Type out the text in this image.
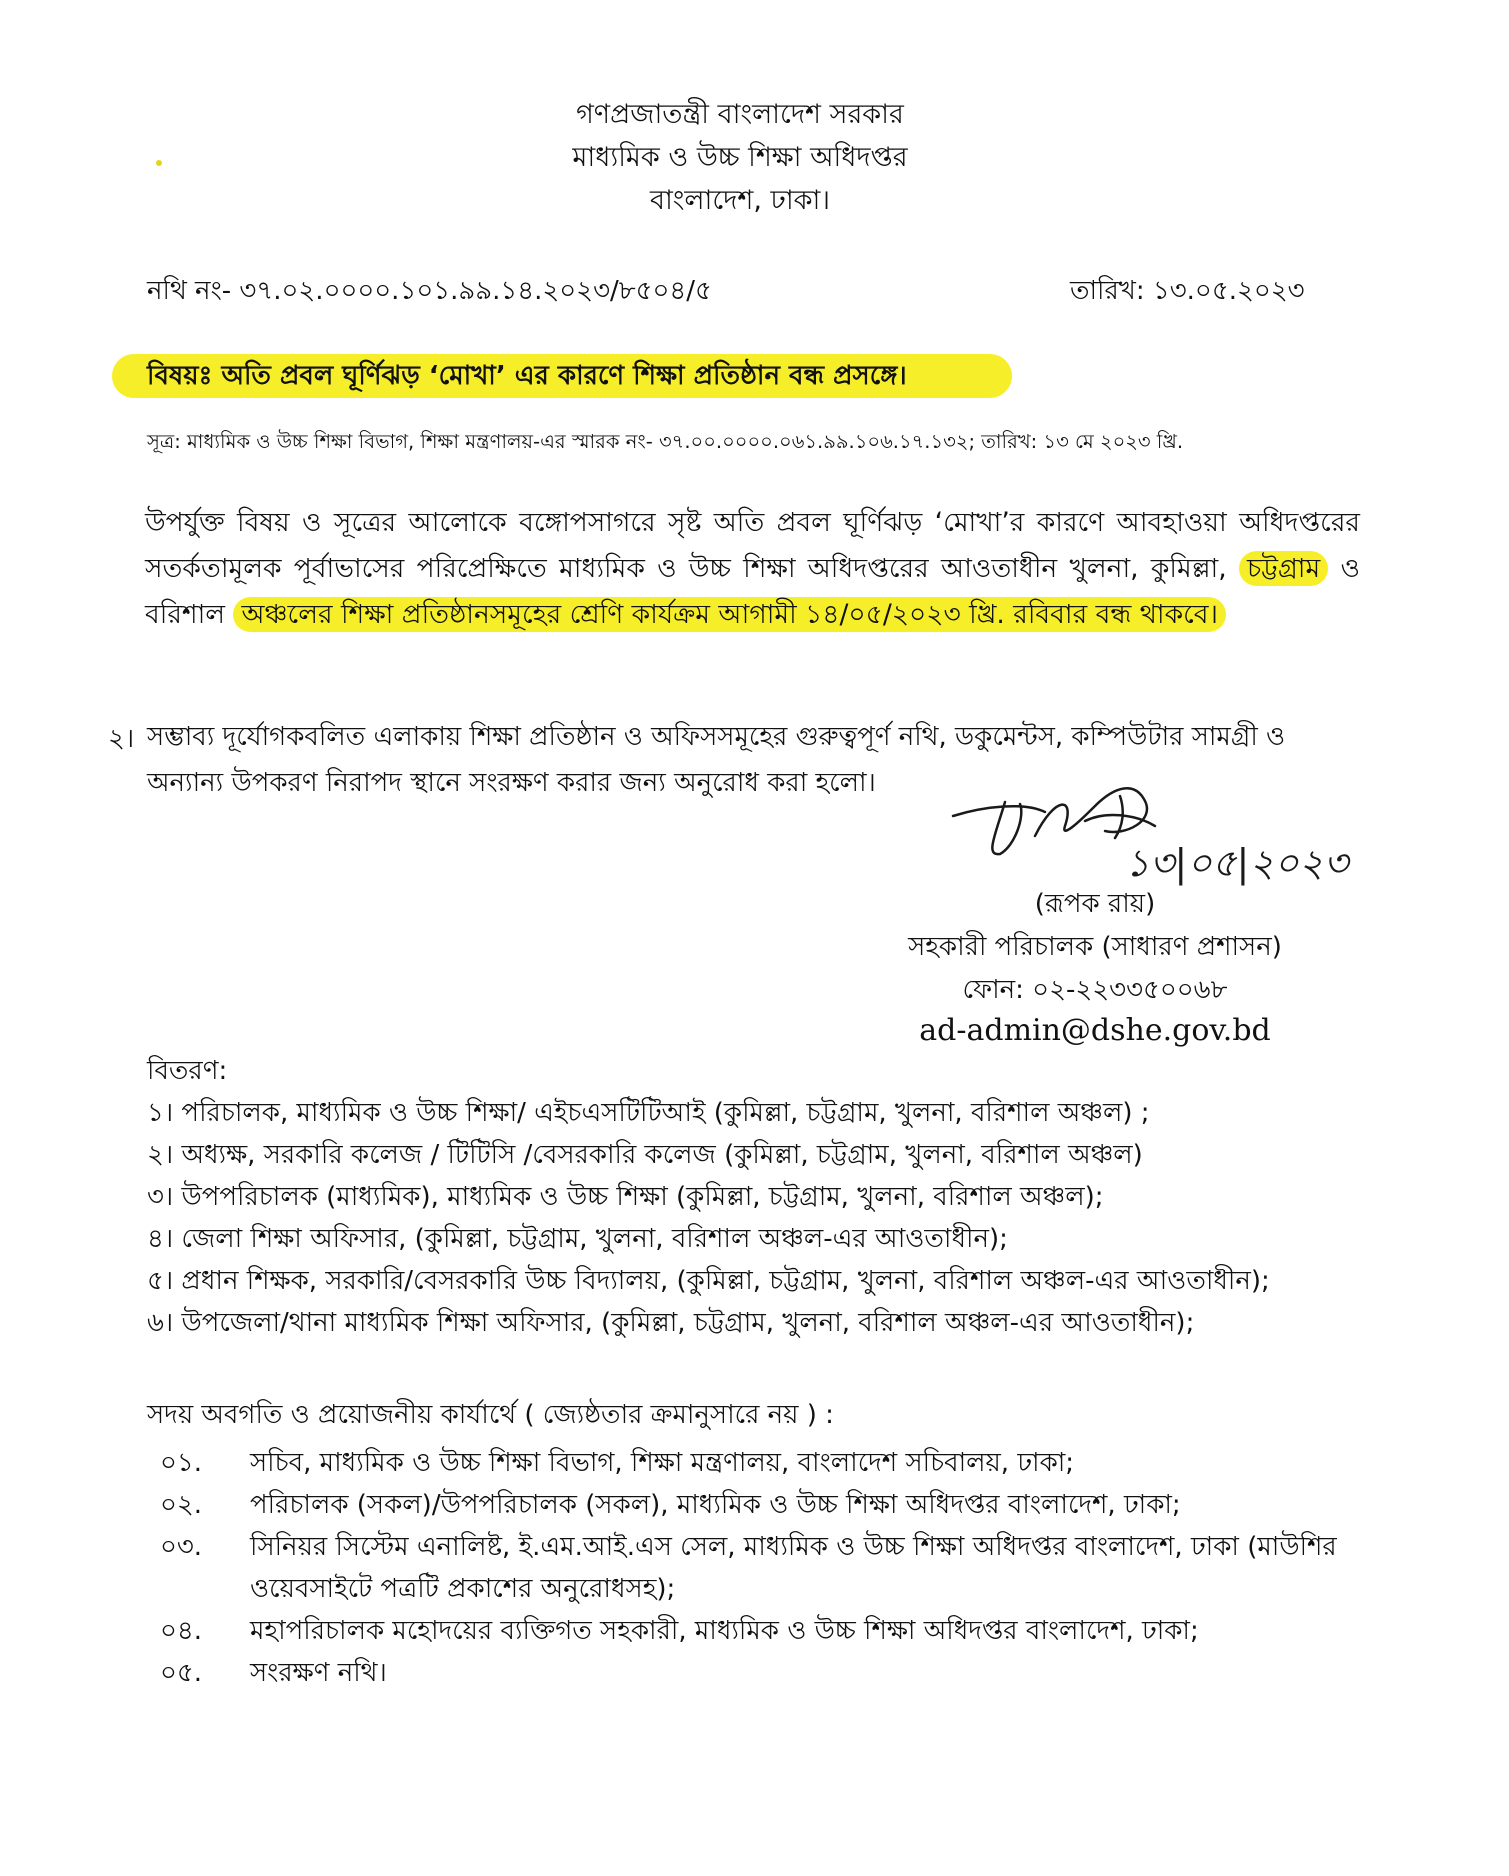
গণপ্রজাতন্ত্রী বাংলাদেশ সরকার
মাধ্যমিক ও উচ্চ শিক্ষা অধিদপ্তর
বাংলাদেশ, ঢাকা।
নথি নং- ৩৭.০২.০০০০.১০১.৯৯.১৪.২০২৩/৮৫০৪/৫	তারিখ: ১৩.০৫.২০২৩
বিষয়ঃ অতি প্রবল ঘূর্ণিঝড় ‘মোখা’ এর কারণে শিক্ষা প্রতিষ্ঠান বন্ধ প্রসঙ্গে।
সূত্র: মাধ্যমিক ও উচ্চ শিক্ষা বিভাগ, শিক্ষা মন্ত্রণালয়-এর স্মারক নং- ৩৭.০০.০০০০.০৬১.৯৯.১০৬.১৭.১৩২; তারিখ: ১৩ মে ২০২৩ খ্রি.
উপর্যুক্ত বিষয় ও সূত্রের আলোকে বঙ্গোপসাগরে সৃষ্ট অতি প্রবল ঘূর্ণিঝড় ‘মোখা’র কারণে আবহাওয়া অধিদপ্তরের সতর্কতামূলক পূর্বাভাসের পরিপ্রেক্ষিতে মাধ্যমিক ও উচ্চ শিক্ষা অধিদপ্তরের আওতাধীন খুলনা, কুমিল্লা, চট্টগ্রাম ও বরিশাল অঞ্চলের শিক্ষা প্রতিষ্ঠানসমূহের শ্রেণি কার্যক্রম আগামী ১৪/০৫/২০২৩ খ্রি. রবিবার বন্ধ থাকবে।
২। সম্ভাব্য দূর্যোগকবলিত এলাকায় শিক্ষা প্রতিষ্ঠান ও অফিসসমূহের গুরুত্বপূর্ণ নথি, ডকুমেন্টস, কম্পিউটার সামগ্রী ও অন্যান্য উপকরণ নিরাপদ স্থানে সংরক্ষণ করার জন্য অনুরোধ করা হলো।
১৩|০৫|২০২৩
(রূপক রায়)
সহকারী পরিচালক (সাধারণ প্রশাসন)
ফোন: ০২-২২৩৩৫০০৬৮
ad-admin@dshe.gov.bd
বিতরণ:
১। পরিচালক, মাধ্যমিক ও উচ্চ শিক্ষা/ এইচএসটিটিআই (কুমিল্লা, চট্টগ্রাম, খুলনা, বরিশাল অঞ্চল) ;
২। অধ্যক্ষ, সরকারি কলেজ / টিটিসি /বেসরকারি কলেজ (কুমিল্লা, চট্টগ্রাম, খুলনা, বরিশাল অঞ্চল)
৩। উপপরিচালক (মাধ্যমিক), মাধ্যমিক ও উচ্চ শিক্ষা (কুমিল্লা, চট্টগ্রাম, খুলনা, বরিশাল অঞ্চল);
৪। জেলা শিক্ষা অফিসার, (কুমিল্লা, চট্টগ্রাম, খুলনা, বরিশাল অঞ্চল-এর আওতাধীন);
৫। প্রধান শিক্ষক, সরকারি/বেসরকারি উচ্চ বিদ্যালয়, (কুমিল্লা, চট্টগ্রাম, খুলনা, বরিশাল অঞ্চল-এর আওতাধীন);
৬। উপজেলা/থানা মাধ্যমিক শিক্ষা অফিসার, (কুমিল্লা, চট্টগ্রাম, খুলনা, বরিশাল অঞ্চল-এর আওতাধীন);
সদয় অবগতি ও প্রয়োজনীয় কার্যার্থে ( জ্যেষ্ঠতার ক্রমানুসারে নয় ) :
০১. সচিব, মাধ্যমিক ও উচ্চ শিক্ষা বিভাগ, শিক্ষা মন্ত্রণালয়, বাংলাদেশ সচিবালয়, ঢাকা;
০২. পরিচালক (সকল)/উপপরিচালক (সকল), মাধ্যমিক ও উচ্চ শিক্ষা অধিদপ্তর বাংলাদেশ, ঢাকা;
০৩. সিনিয়র সিস্টেম এনালিষ্ট, ই.এম.আই.এস সেল, মাধ্যমিক ও উচ্চ শিক্ষা অধিদপ্তর বাংলাদেশ, ঢাকা (মাউশির
ওয়েবসাইটে পত্রটি প্রকাশের অনুরোধসহ);
০৪. মহাপরিচালক মহোদয়ের ব্যক্তিগত সহকারী, মাধ্যমিক ও উচ্চ শিক্ষা অধিদপ্তর বাংলাদেশ, ঢাকা;
০৫. সংরক্ষণ নথি।
